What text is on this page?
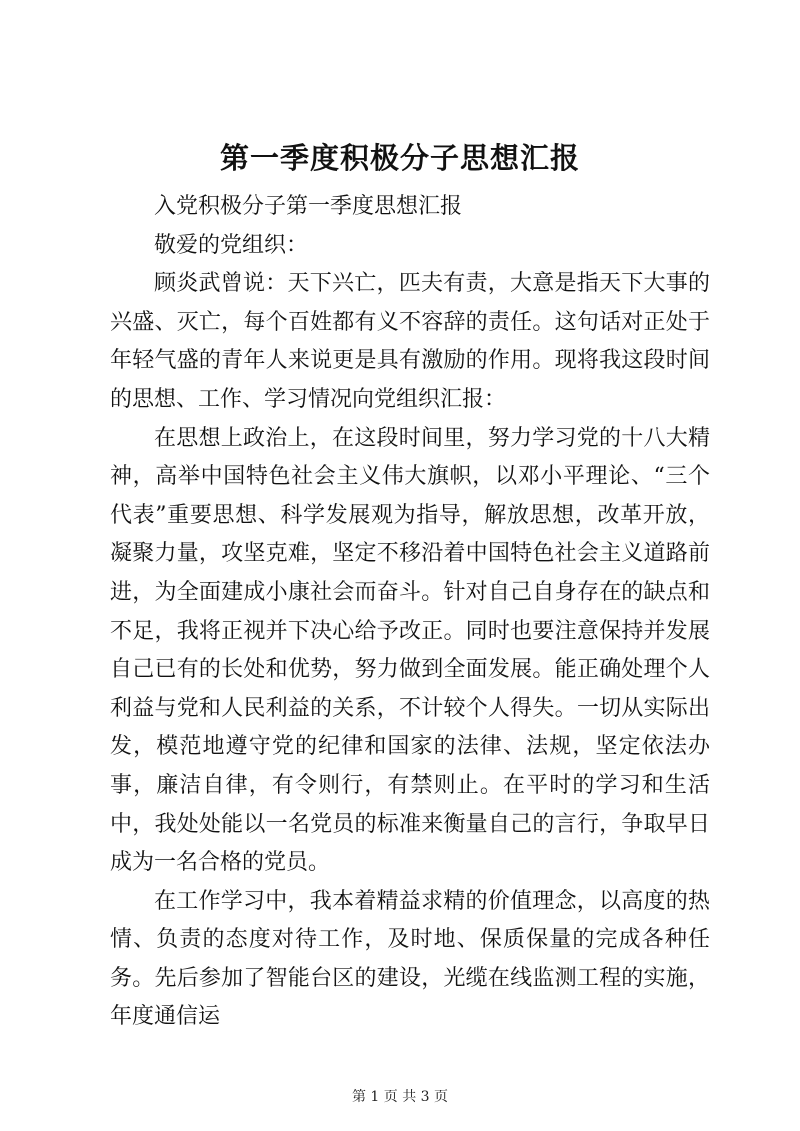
第一季度积极分子思想汇报

入党积极分子第一季度思想汇报

敬爱的党组织：

顾炎武曾说：天下兴亡，匹夫有责，大意是指天下大事的兴盛、灭亡，每个百姓都有义不容辞的责任。这句话对正处于年轻气盛的青年人来说更是具有激励的作用。现将我这段时间的思想、工作、学习情况向党组织汇报：

在思想上政治上，在这段时间里，努力学习党的十八大精神，高举中国特色社会主义伟大旗帜，以邓小平理论、“三个代表”重要思想、科学发展观为指导，解放思想，改革开放，凝聚力量，攻坚克难，坚定不移沿着中国特色社会主义道路前进，为全面建成小康社会而奋斗。针对自己自身存在的缺点和不足，我将正视并下决心给予改正。同时也要注意保持并发展自己已有的长处和优势，努力做到全面发展。能正确处理个人利益与党和人民利益的关系，不计较个人得失。一切从实际出发，模范地遵守党的纪律和国家的法律、法规，坚定依法办事，廉洁自律，有令则行，有禁则止。在平时的学习和生活中，我处处能以一名党员的标准来衡量自己的言行，争取早日成为一名合格的党员。

在工作学习中，我本着精益求精的价值理念，以高度的热情、负责的态度对待工作，及时地、保质保量的完成各种任务。先后参加了智能台区的建设，光缆在线监测工程的实施，年度通信运

第 1 页 共 3 页
